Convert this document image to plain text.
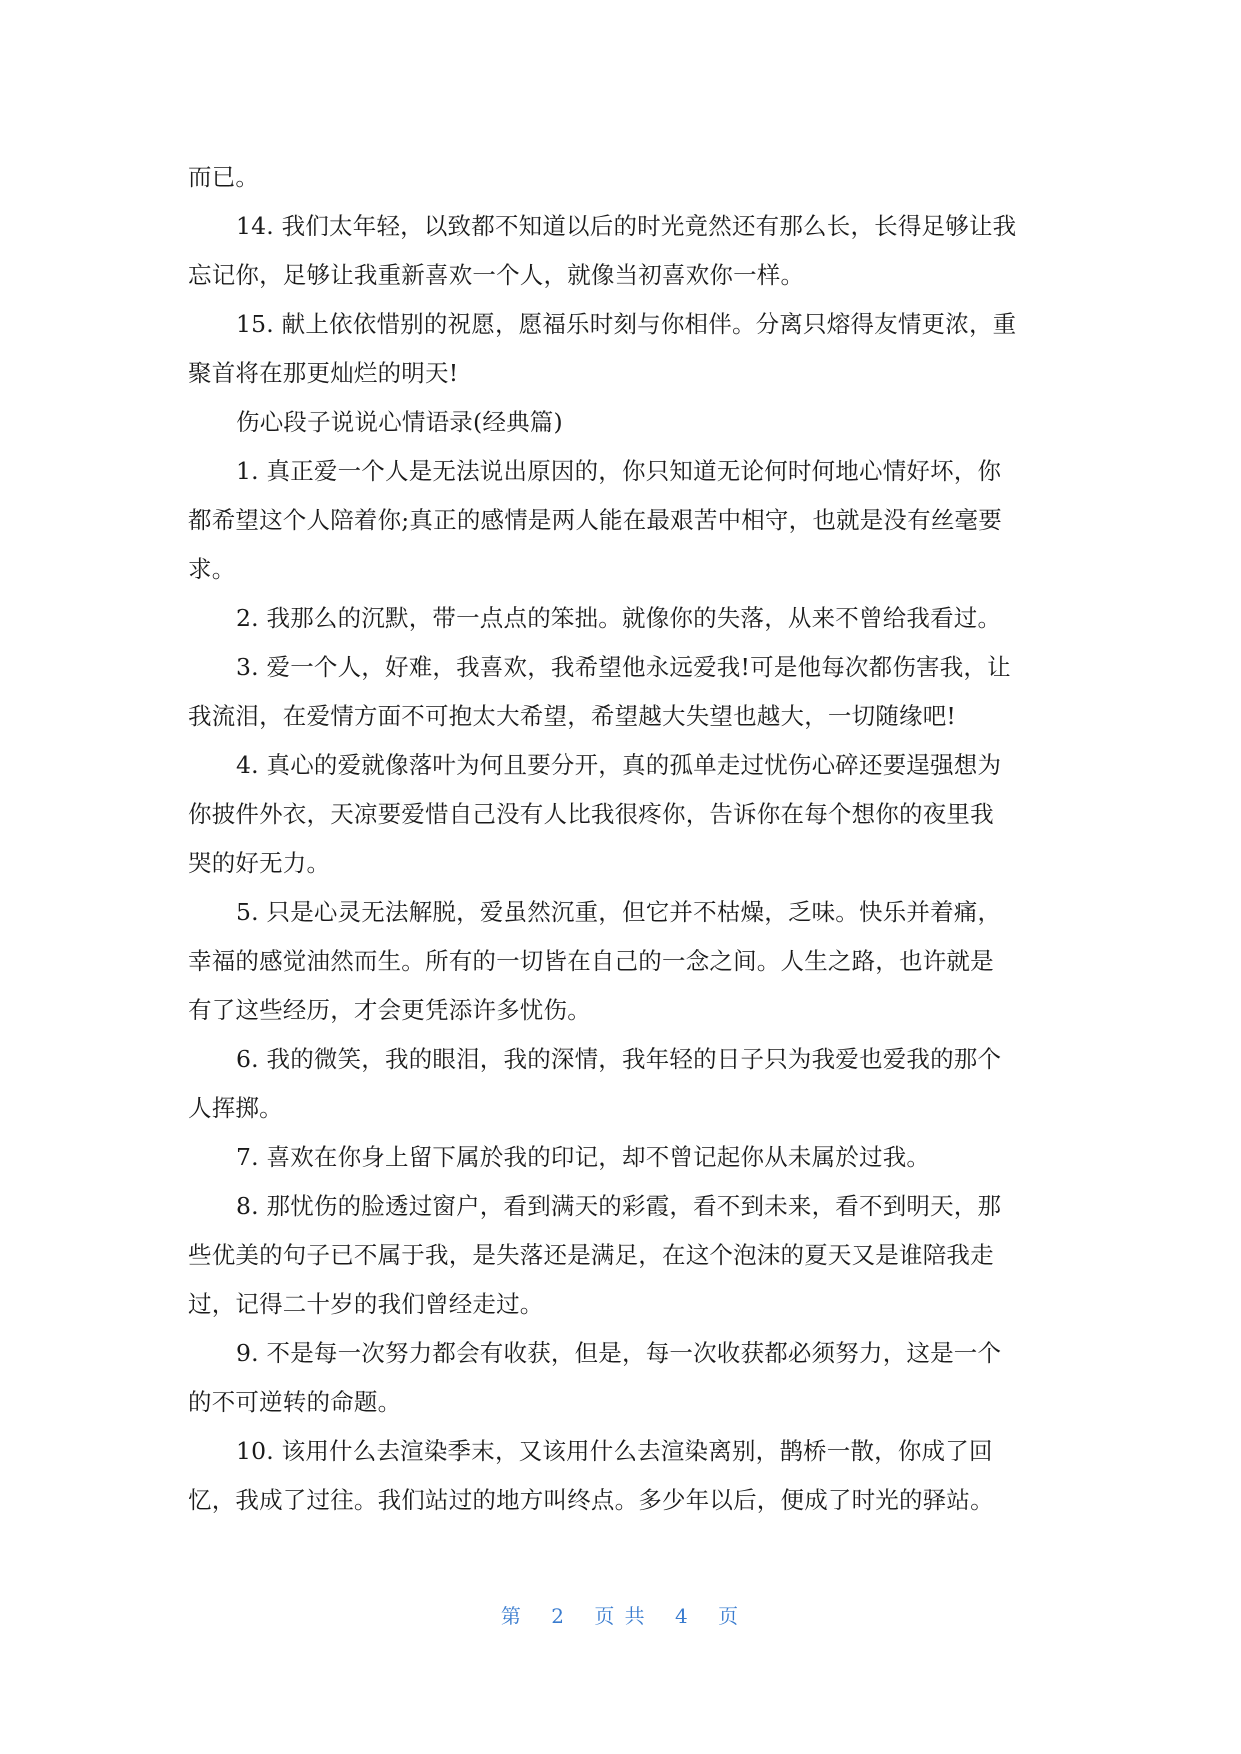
而已。
14. 我们太年轻，以致都不知道以后的时光竟然还有那么长，长得足够让我
忘记你，足够让我重新喜欢一个人，就像当初喜欢你一样。
15. 献上依依惜别的祝愿，愿福乐时刻与你相伴。分离只熔得友情更浓，重
聚首将在那更灿烂的明天!
伤心段子说说心情语录(经典篇)
1. 真正爱一个人是无法说出原因的，你只知道无论何时何地心情好坏，你
都希望这个人陪着你;真正的感情是两人能在最艰苦中相守，也就是没有丝毫要
求。
2. 我那么的沉默，带一点点的笨拙。就像你的失落，从来不曾给我看过。
3. 爱一个人，好难，我喜欢，我希望他永远爱我!可是他每次都伤害我，让
我流泪，在爱情方面不可抱太大希望，希望越大失望也越大，一切随缘吧!
4. 真心的爱就像落叶为何且要分开，真的孤单走过忧伤心碎还要逞强想为
你披件外衣，天凉要爱惜自己没有人比我很疼你，告诉你在每个想你的夜里我
哭的好无力。
5. 只是心灵无法解脱，爱虽然沉重，但它并不枯燥，乏味。快乐并着痛，
幸福的感觉油然而生。所有的一切皆在自己的一念之间。人生之路，也许就是
有了这些经历，才会更凭添许多忧伤。
6. 我的微笑，我的眼泪，我的深情，我年轻的日子只为我爱也爱我的那个
人挥掷。
7. 喜欢在你身上留下属於我的印记，却不曾记起你从未属於过我。
8. 那忧伤的脸透过窗户，看到满天的彩霞，看不到未来，看不到明天，那
些优美的句子已不属于我，是失落还是满足，在这个泡沫的夏天又是谁陪我走
过，记得二十岁的我们曾经走过。
9. 不是每一次努力都会有收获，但是，每一次收获都必须努力，这是一个
的不可逆转的命题。
10. 该用什么去渲染季末，又该用什么去渲染离别，鹊桥一散，你成了回
忆，我成了过往。我们站过的地方叫终点。多少年以后，便成了时光的驿站。
第 2 页 共 4 页
